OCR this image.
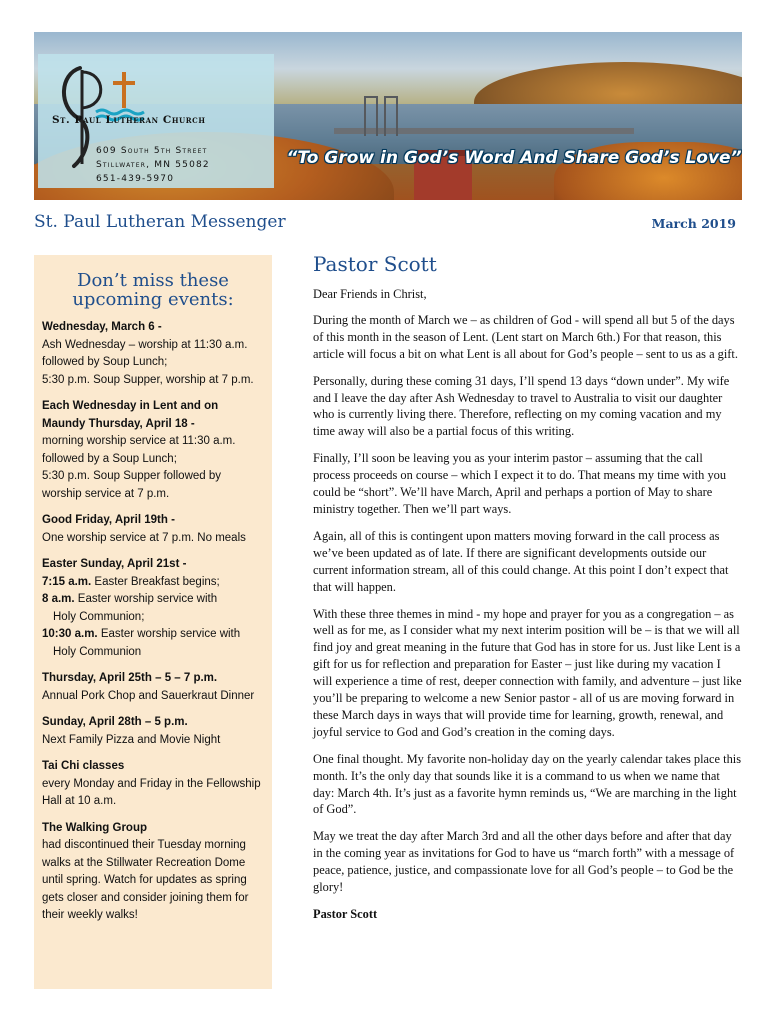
St. Paul Lutheran Church
609 South 5th Street
Stillwater, MN 55082
651-439-5970
“To Grow in God’s Word And Share God’s Love”
St. Paul Lutheran Messenger	March 2019
Don’t miss these
upcoming events:
Wednesday, March 6 -
Ash Wednesday – worship at 11:30 a.m.
followed by Soup Lunch;
5:30 p.m. Soup Supper, worship at 7 p.m.
Each Wednesday in Lent and on Maundy Thursday, April 18 -
morning worship service at 11:30 a.m.
followed by a Soup Lunch;
5:30 p.m. Soup Supper followed by
worship service at 7 p.m.
Good Friday, April 19th -
One worship service at 7 p.m. No meals
Easter Sunday, April 21st -
7:15 a.m. Easter Breakfast begins;
8 a.m. Easter worship service with
Holy Communion;
10:30 a.m. Easter worship service with
Holy Communion
Thursday, April 25th – 5 – 7 p.m.
Annual Pork Chop and Sauerkraut Dinner
Sunday, April 28th – 5 p.m.
Next Family Pizza and Movie Night
Tai Chi classes
every Monday and Friday in the Fellowship
Hall at 10 a.m.
The Walking Group
had discontinued their Tuesday morning
walks at the Stillwater Recreation Dome
until spring. Watch for updates as spring
gets closer and consider joining them for
their weekly walks!
Pastor Scott

Dear Friends in Christ,

During the month of March we – as children of God - will spend all but 5 of the days of this month in the season of Lent. (Lent start on March 6th.) For that reason, this article will focus a bit on what Lent is all about for God’s people – sent to us as a gift.

Personally, during these coming 31 days, I’ll spend 13 days “down under”. My wife and I leave the day after Ash Wednesday to travel to Australia to visit our daughter who is currently living there. Therefore, reflecting on my coming vacation and my time away will also be a partial focus of this writing.

Finally, I’ll soon be leaving you as your interim pastor – assuming that the call process proceeds on course – which I expect it to do. That means my time with you could be “short”. We’ll have March, April and perhaps a portion of May to share ministry together. Then we’ll part ways.

Again, all of this is contingent upon matters moving forward in the call process as we’ve been updated as of late. If there are significant developments outside our current information stream, all of this could change. At this point I don’t expect that that will happen.

With these three themes in mind - my hope and prayer for you as a congregation – as well as for me, as I consider what my next interim position will be – is that we will all find joy and great meaning in the future that God has in store for us. Just like Lent is a gift for us for reflection and preparation for Easter – just like during my vacation I will experience a time of rest, deeper connection with family, and adventure – just like you’ll be preparing to welcome a new Senior pastor - all of us are moving forward in these March days in ways that will provide time for learning, growth, renewal, and joyful service to God and God’s creation in the coming days.

One final thought. My favorite non-holiday day on the yearly calendar takes place this month. It’s the only day that sounds like it is a command to us when we name that day: March 4th. It’s just as a favorite hymn reminds us, “We are marching in the light of God”.

May we treat the day after March 3rd and all the other days before and after that day in the coming year as invitations for God to have us “march forth” with a message of peace, patience, justice, and compassionate love for all God’s people – to God be the glory!

Pastor Scott
